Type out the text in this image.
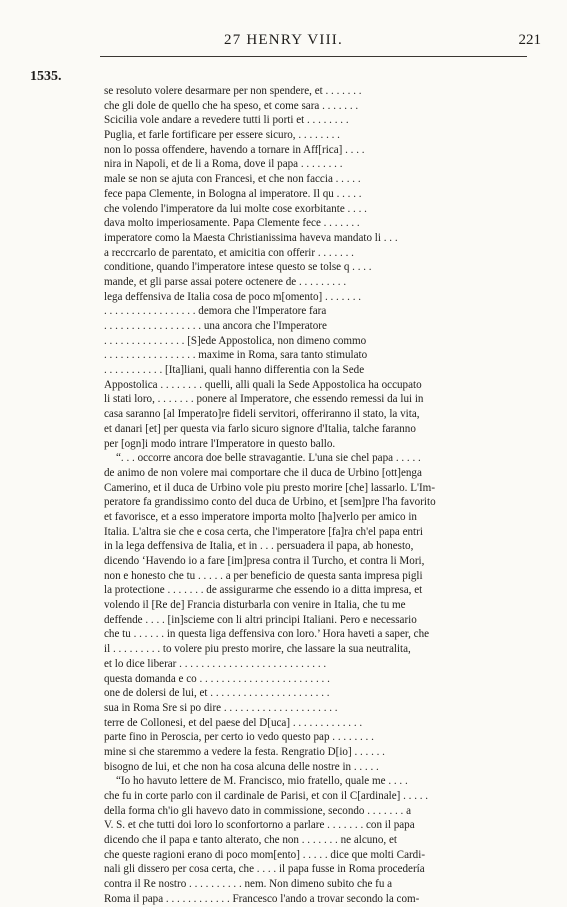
27 HENRY VIII.	221
1535.
se resoluto volere desarmare per non spendere, et . . . . . . .
che gli dole de quello che ha speso, et come sara . . . . . . .
Scicilia vole andare a revedere tutti li porti et . . . . . . . .
Puglia, et farle fortificare per essere sicuro, . . . . . . . .
non lo possa offendere, havendo a tornare in Aff[rica] . . . .
nira in Napoli, et de li a Roma, dove il papa . . . . . . . .
male se non se ajuta con Francesi, et che non faccia . . . . .
fece papa Clemente, in Bologna al imperatore. Il qu . . . . .
che volendo l'imperatore da lui molte cose exorbitante . . . .
dava molto imperiosamente. Papa Clemente fece . . . . . . .
imperatore como la Maesta Christianissima haveva mandato li . . .
a reccrcarlo de parentato, et amicitia con offerir . . . . . . .
conditione, quando l'imperatore intese questo se tolse q . . . .
mande, et gli parse assai potere octenere de . . . . . . . . .
lega deffensiva de Italia cosa de poco m[omento] . . . . . . .
. . . . . . . . . . . . . . . . . demora che l'Imperatore fara
. . . . . . . . . . . . . . . . . . una ancora che l'Imperatore
. . . . . . . . . . . . . . . [S]ede Appostolica, non dimeno commo
. . . . . . . . . . . . . . . . . maxime in Roma, sara tanto stimulato
. . . . . . . . . . . [Ita]liani, quali hanno differentia con la Sede
Appostolica . . . . . . . . quelli, alli quali la Sede Appostolica ha occupato
li stati loro, . . . . . . . ponere al Imperatore, che essendo remessi da lui in
casa saranno [al Imperato]re fideli servitori, offeriranno il stato, la vita,
et danari [et] per questa via farlo sicuro signore d'Italia, talche faranno
per [ogn]i modo intrare l'Imperatore in questo ballo.
“. . . occorre ancora doe belle stravagantie. L'una sie chel papa . . . . .
de animo de non volere mai comportare che il duca de Urbino [ott]enga
Camerino, et il duca de Urbino vole piu presto morire [che] lassarlo. L'Im-
peratore fa grandissimo conto del duca de Urbino, et [sem]pre l'ha favorito
et favorisce, et a esso imperatore importa molto [ha]verlo per amico in
Italia. L'altra sie che e cosa certa, che l'imperatore [fa]ra ch'el papa entri
in la lega deffensiva de Italia, et in . . . persuadera il papa, ab honesto,
dicendo ‘Havendo io a fare [im]presa contra il Turcho, et contra li Mori,
non e honesto che tu . . . . . a per beneficio de questa santa impresa pigli
la protectione . . . . . . . de assigurarme che essendo io a ditta impresa, et
volendo il [Re de] Francia disturbarla con venire in Italia, che tu me
deffende . . . . [in]scieme con li altri principi Italiani. Pero e necessario
che tu . . . . . . in questa liga deffensiva con loro.’ Hora haveti a saper, che
il . . . . . . . . . to volere piu presto morire, che lassare la sua neutralita,
et lo dice liberar . . . . . . . . . . . . . . . . . . . . . . . . . . .
questa domanda e co . . . . . . . . . . . . . . . . . . . . . . . .
one de dolersi de lui, et . . . . . . . . . . . . . . . . . . . . . .
sua in Roma Sre si po dire . . . . . . . . . . . . . . . . . . . . .
terre de Collonesi, et del paese del D[uca] . . . . . . . . . . . . .
parte fino in Peroscia, per certo io vedo questo pap . . . . . . . .
mine si che staremmo a vedere la festa. Rengratio D[io] . . . . . .
bisogno de lui, et che non ha cosa alcuna delle nostre in . . . . .
“Io ho havuto lettere de M. Francisco, mio fratello, quale me . . . .
che fu in corte parlo con il cardinale de Parisi, et con il C[ardinale] . . . . .
della forma ch'io gli havevo dato in commissione, secondo . . . . . . . a
V. S. et che tutti doi loro lo sconfortorno a parlare . . . . . . . con il papa
dicendo che il papa e tanto alterato, che non . . . . . . . ne alcuno, et
che queste ragioni erano di poco mom[ento] . . . . . dice que molti Cardi-
nali gli dissero per cosa certa, che . . . . il papa fusse in Roma procedería
contra il Re nostro . . . . . . . . . . nem. Non dimeno subito che fu a
Roma il papa . . . . . . . . . . . . Francesco l'ando a trovar secondo la com-
